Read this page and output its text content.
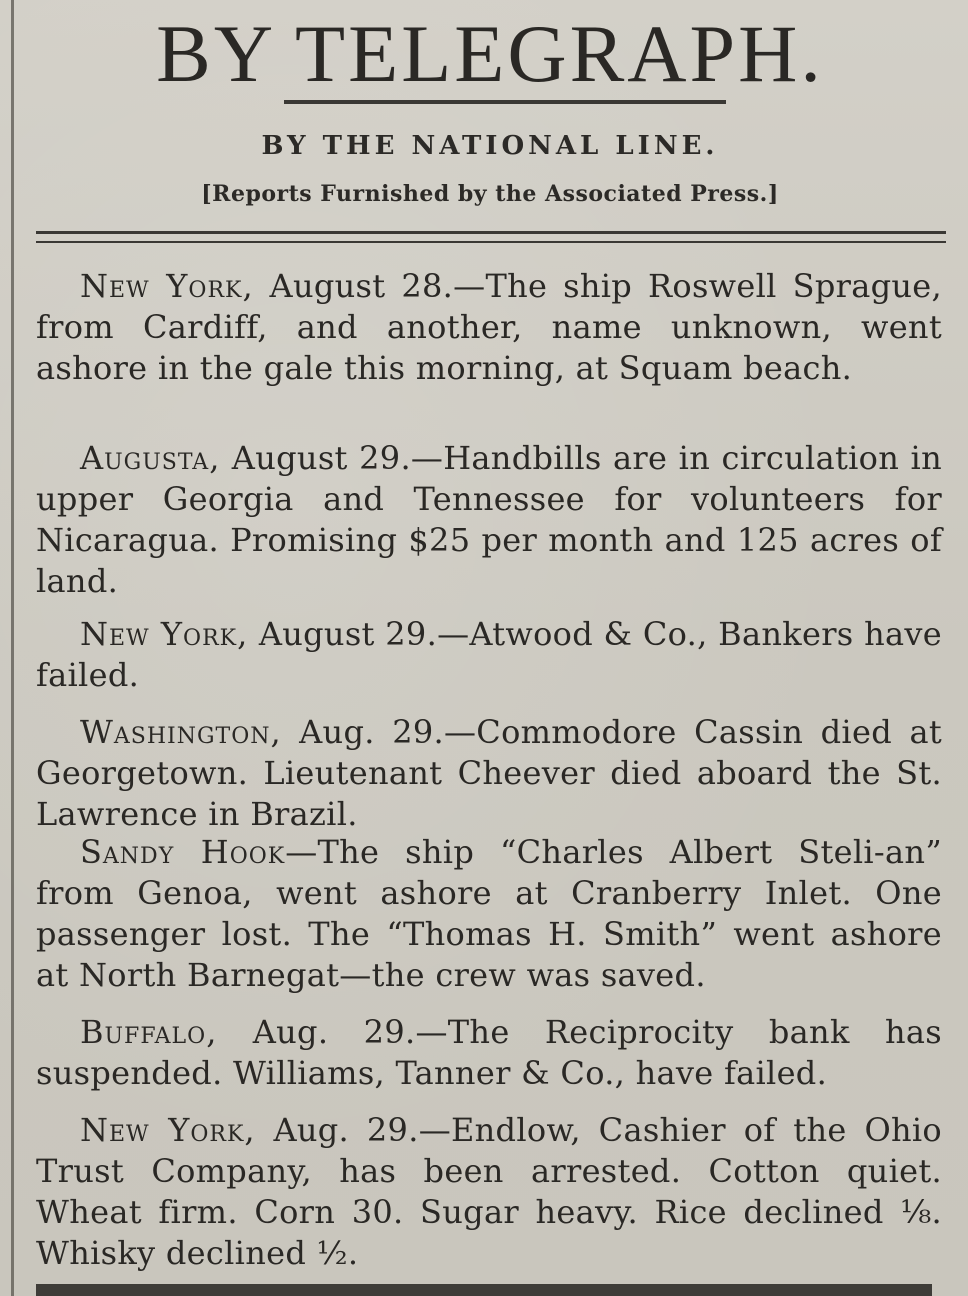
BY TELEGRAPH.
BY THE NATIONAL LINE.
[Reports Furnished by the Associated Press.]

New York, August 28.—The ship Roswell Sprague, from Cardiff, and another, name unknown, went ashore in the gale this morning, at Squam beach.

Augusta, August 29.—Handbills are in circulation in upper Georgia and Tennessee for volunteers for Nicaragua. Promising $25 per month and 125 acres of land.

New York, August 29.—Atwood & Co., Bankers have failed.

Washington, Aug. 29.—Commodore Cassin died at Georgetown. Lieutenant Cheever died aboard the St. Lawrence in Brazil.

Sandy Hook—The ship “Charles Albert Steli-an” from Genoa, went ashore at Cranberry Inlet. One passenger lost. The “Thomas H. Smith” went ashore at North Barnegat—the crew was saved.

Buffalo, Aug. 29.—The Reciprocity bank has suspended. Williams, Tanner & Co., have failed.

New York, Aug. 29.—Endlow, Cashier of the Ohio Trust Company, has been arrested. Cotton quiet. Wheat firm. Corn 30. Sugar heavy. Rice declined ⅛. Whisky declined ½.
